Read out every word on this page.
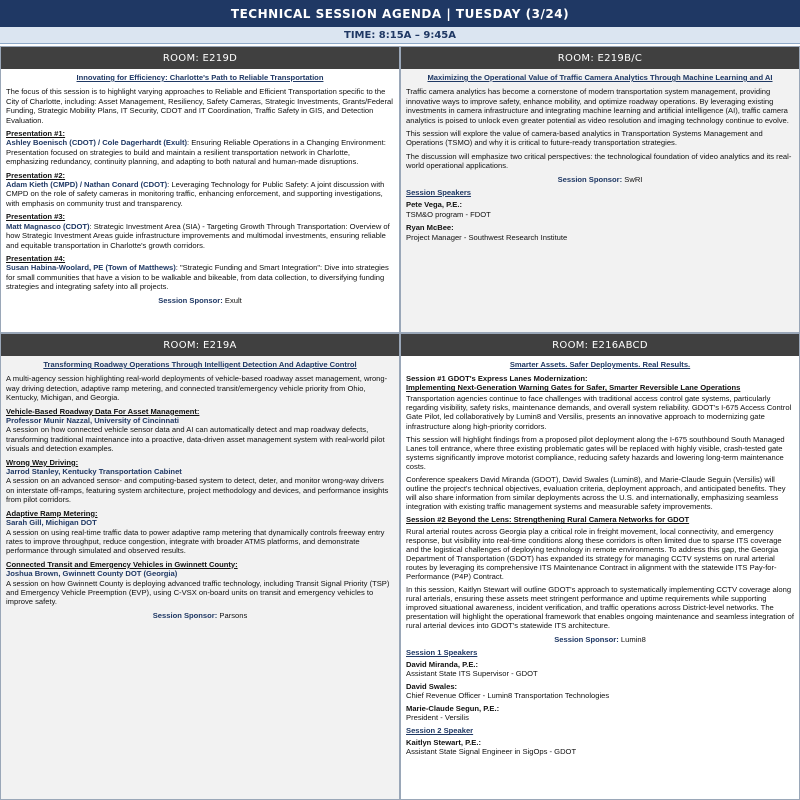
TECHNICAL SESSION AGENDA | TUESDAY (3/24)
TIME: 8:15A – 9:45A
ROOM: E219D
Innovating for Efficiency: Charlotte's Path to Reliable Transportation

The focus of this session is to highlight varying approaches to Reliable and Efficient Transportation specific to the City of Charlotte, including: Asset Management, Resiliency, Safety Cameras, Strategic Investments, Grants/Federal Funding, Strategic Mobility Plans, IT Security, CDOT and IT Coordination, Traffic Safety in GIS, and Detection Evaluation.

Presentation #1:

Ashley Boenisch (CDOT) / Cole Dagerhardt (Exult): Ensuring Reliable Operations in a Changing Environment: Presentation focused on strategies to build and maintain a resilient transportation network in Charlotte, emphasizing redundancy, continuity planning, and adapting to both natural and human-made disruptions.

Presentation #2:

Adam Kieth (CMPD) / Nathan Conard (CDOT): Leveraging Technology for Public Safety: A joint discussion with CMPD on the role of safety cameras in monitoring traffic, enhancing enforcement, and supporting investigations, with emphasis on community trust and transparency.

Presentation #3:

Matt Magnasco (CDOT): Strategic Investment Area (SIA) - Targeting Growth Through Transportation: Overview of how Strategic Investment Areas guide infrastructure improvements and multimodal investments, ensuring reliable and equitable transportation in Charlotte's growth corridors.

Presentation #4:

Susan Habina-Woolard, PE (Town of Matthews): "Strategic Funding and Smart Integration": Dive into strategies for small communities that have a vision to be walkable and bikeable, from data collection, to diversifying funding strategies and integrating safety into all projects.

Session Sponsor: Exult
ROOM: E219B/C
Maximizing the Operational Value of Traffic Camera Analytics Through Machine Learning and AI

Traffic camera analytics has become a cornerstone of modern transportation system management, providing innovative ways to improve safety, enhance mobility, and optimize roadway operations. By leveraging existing investments in camera infrastructure and integrating machine learning and artificial intelligence (AI), traffic camera analytics is poised to unlock even greater potential as video resolution and imaging technology continue to evolve.

This session will explore the value of camera-based analytics in Transportation Systems Management and Operations (TSMO) and why it is critical to future-ready transportation strategies.

The discussion will emphasize two critical perspectives: the technological foundation of video analytics and its real-world operational applications.

Session Sponsor: SwRI
Session Speakers
Pete Vega, P.E.:
TSM&O program - FDOT
Ryan McBee:
Project Manager - Southwest Research Institute
ROOM: E219A
Transforming Roadway Operations Through Intelligent Detection And Adaptive Control

A multi-agency session highlighting real-world deployments of vehicle-based roadway asset management, wrong-way driving detection, adaptive ramp metering, and connected transit/emergency vehicle priority from Ohio, Kentucky, Michigan, and Georgia.

Vehicle-Based Roadway Data For Asset Management:
Professor Munir Nazzal, University of Cincinnati

A session on how connected vehicle sensor data and AI can automatically detect and map roadway defects, transforming traditional maintenance into a proactive, data-driven asset management system with real-world pilot visuals and detection examples.

Wrong Way Driving:
Jarrod Stanley, Kentucky Transportation Cabinet

A session on an advanced sensor- and computing-based system to detect, deter, and monitor wrong-way drivers on interstate off-ramps, featuring system architecture, project methodology and devices, and performance insights from pilot corridors.

Adaptive Ramp Metering:
Sarah Gill, Michigan DOT

A session on using real-time traffic data to power adaptive ramp metering that dynamically controls freeway entry rates to improve throughput, reduce congestion, integrate with broader ATMS platforms, and demonstrate performance through simulated and observed results.

Connected Transit and Emergency Vehicles in Gwinnett County:
Joshua Brown, Gwinnett County DOT (Georgia)

A session on how Gwinnett County is deploying advanced traffic technology, including Transit Signal Priority (TSP) and Emergency Vehicle Preemption (EVP), using C-VSX on-board units on transit and emergency vehicles to improve safety.

Session Sponsor: Parsons
ROOM: E216ABCD
Smarter Assets. Safer Deployments. Real Results.
Session #1 GDOT's Express Lanes Modernization:
Implementing Next-Generation Warning Gates for Safer, Smarter Reversible Lane Operations

Transportation agencies continue to face challenges with traditional access control gate systems, particularly regarding visibility, safety risks, maintenance demands, and overall system reliability. GDOT's I-675 Access Control Gate Pilot, led collaboratively by Lumin8 and Versilis, presents an innovative approach to modernizing gate infrastructure along high-priority corridors.

This session will highlight findings from a proposed pilot deployment along the I-675 southbound South Managed Lanes toll entrance, where three existing problematic gates will be replaced with highly visible, crash-tested gate systems significantly improve motorist compliance, reducing safety hazards and lowering long-term maintenance costs.

Conference speakers David Miranda (GDOT), David Swales (Lumin8), and Marie-Claude Seguin (Versilis) will outline the project's technical objectives, evaluation criteria, deployment approach, and anticipated benefits. They will also share information from similar deployments across the U.S. and internationally, emphasizing seamless integration with existing traffic management systems and measurable safety improvements.

Session #2 Beyond the Lens: Strengthening Rural Camera Networks for GDOT

Rural arterial routes across Georgia play a critical role in freight movement, local connectivity, and emergency response, but visibility into real-time conditions along these corridors is often limited due to sparse ITS coverage and the logistical challenges of deploying technology in remote environments. To address this gap, the Georgia Department of Transportation (GDOT) has expanded its strategy for managing CCTV systems on rural arterial routes by leveraging its comprehensive ITS Maintenance Contract in alignment with the statewide ITS Pay-for-Performance (P4P) Contract.

In this session, Kaitlyn Stewart will outline GDOT's approach to systematically implementing CCTV coverage along rural arterials, ensuring these assets meet stringent performance and uptime requirements while supporting improved situational awareness, incident verification, and traffic operations across District-level networks. The presentation will highlight the operational framework that enables ongoing maintenance and seamless integration of rural arterial devices into GDOT's statewide ITS architecture.

Session Sponsor: Lumin8
Session 1 Speakers
David Miranda, P.E.:
Assistant State ITS Supervisor - GDOT
David Swales:
Chief Revenue Officer - Lumin8 Transportation Technologies
Marie-Claude Segun, P.E.:
President - Versilis
Session 2 Speaker
Kaitlyn Stewart, P.E.:
Assistant State Signal Engineer in SigOps - GDOT
